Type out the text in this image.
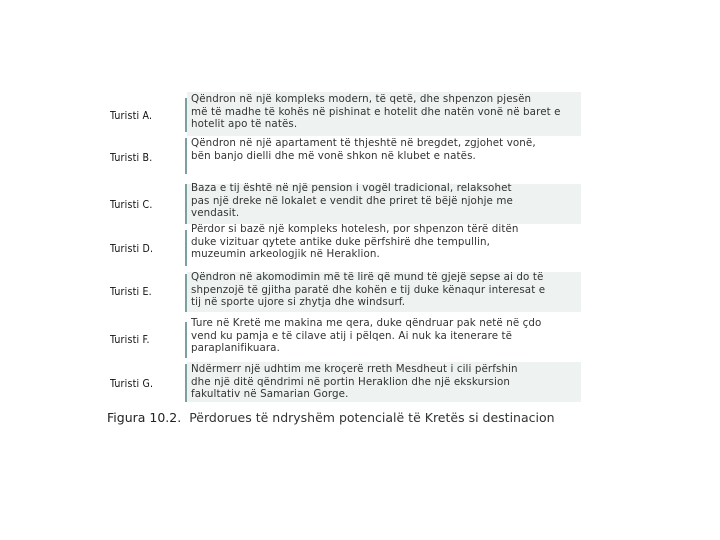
Turisti A.
Qëndron në një kompleks modern, të qetë, dhe shpenzon pjesën
më të madhe të kohës në pishinat e hotelit dhe natën vonë në baret e
hotelit apo të natës.
Turisti B.
Qëndron në një apartament të thjeshtë në bregdet, zgjohet vonë,
bën banjo dielli dhe më vonë shkon në klubet e natës.
Turisti C.
Baza e tij është në një pension i vogël tradicional, relaksohet
pas një dreke në lokalet e vendit dhe priret të bëjë njohje me
vendasit.
Turisti D.
Përdor si bazë një kompleks hotelesh, por shpenzon tërë ditën
duke vizituar qytete antike duke përfshirë dhe tempullin,
muzeumin arkeologjik në Heraklion.
Turisti E.
Qëndron në akomodimin më të lirë që mund të gjejë sepse ai do të
shpenzojë të gjitha paratë dhe kohën e tij duke kënaqur interesat e
tij në sporte ujore si zhytja dhe windsurf.
Turisti F.
Ture në Kretë me makina me qera, duke qëndruar pak netë në çdo
vend ku pamja e të cilave atij i pëlqen. Ai nuk ka itenerare të
paraplanifikuara.
Turisti G.
Ndërmerr një udhtim me kroçerë rreth Mesdheut i cili përfshin
dhe një ditë qëndrimi në portin Heraklion dhe një ekskursion
fakultativ në Samarian Gorge.
Figura 10.2. Përdorues të ndryshëm potencialë të Kretës si destinacion
